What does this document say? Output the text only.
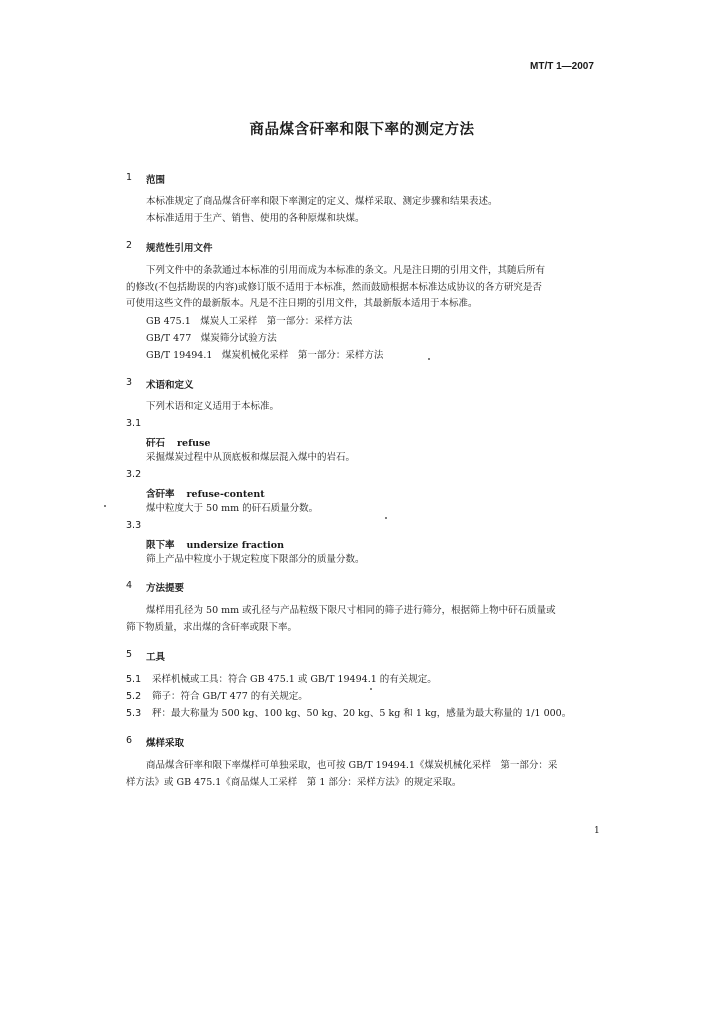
MT/T 1—2007
商品煤含矸率和限下率的测定方法
1 范围
本标准规定了商品煤含矸率和限下率测定的定义、煤样采取、测定步骤和结果表述。
本标准适用于生产、销售、使用的各种原煤和块煤。
2 规范性引用文件
下列文件中的条款通过本标准的引用而成为本标准的条文。凡是注日期的引用文件，其随后所有
的修改(不包括勘误的内容)或修订版不适用于本标准，然而鼓励根据本标准达成协议的各方研究是否
可使用这些文件的最新版本。凡是不注日期的引用文件，其最新版本适用于本标准。
GB 475.1　煤炭人工采样　第一部分：采样方法
GB/T 477　煤炭筛分试验方法
GB/T 19494.1　煤炭机械化采样　第一部分：采样方法
3 术语和定义
下列术语和定义适用于本标准。
3.1
矸石 refuse
采掘煤炭过程中从顶底板和煤层混入煤中的岩石。
3.2
含矸率 refuse-content
煤中粒度大于 50 mm 的矸石质量分数。
3.3
限下率 undersize fraction
筛上产品中粒度小于规定粒度下限部分的质量分数。
4 方法提要
煤样用孔径为 50 mm 或孔径与产品粒级下限尺寸相同的筛子进行筛分，根据筛上物中矸石质量或
筛下物质量，求出煤的含矸率或限下率。
5 工具
5.1 采样机械或工具：符合 GB 475.1 或 GB/T 19494.1 的有关规定。
5.2 筛子：符合 GB/T 477 的有关规定。
5.3 秤：最大称量为 500 kg、100 kg、50 kg、20 kg、5 kg 和 1 kg，感量为最大称量的 1/1 000。
6 煤样采取
商品煤含矸率和限下率煤样可单独采取，也可按 GB/T 19494.1《煤炭机械化采样　第一部分：采
样方法》或 GB 475.1《商品煤人工采样　第 1 部分：采样方法》的规定采取。
1
